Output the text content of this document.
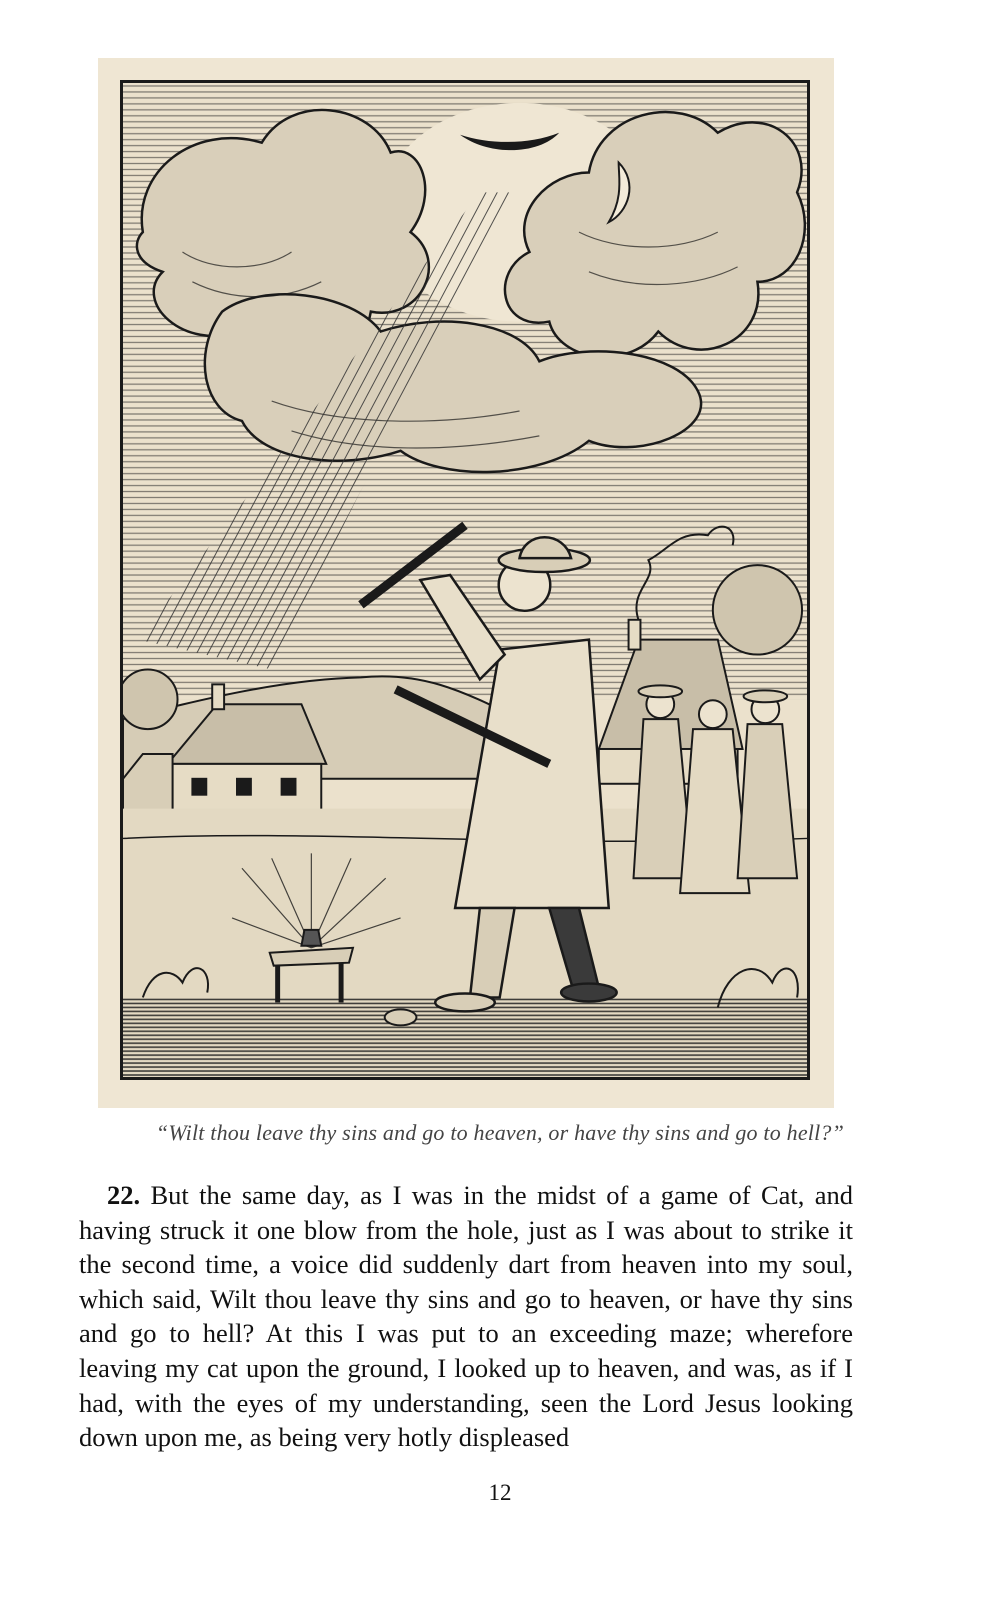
“Wilt thou leave thy sins and go to heaven, or have thy sins and go to hell?”

22. But the same day, as I was in the midst of a game of Cat, and having struck it one blow from the hole, just as I was about to strike it the second time, a voice did suddenly dart from heaven into my soul, which said, Wilt thou leave thy sins and go to heaven, or have thy sins and go to hell? At this I was put to an exceeding maze; wherefore leaving my cat upon the ground, I looked up to heaven, and was, as if I had, with the eyes of my understanding, seen the Lord Jesus looking down upon me, as being very hotly displeased

12
